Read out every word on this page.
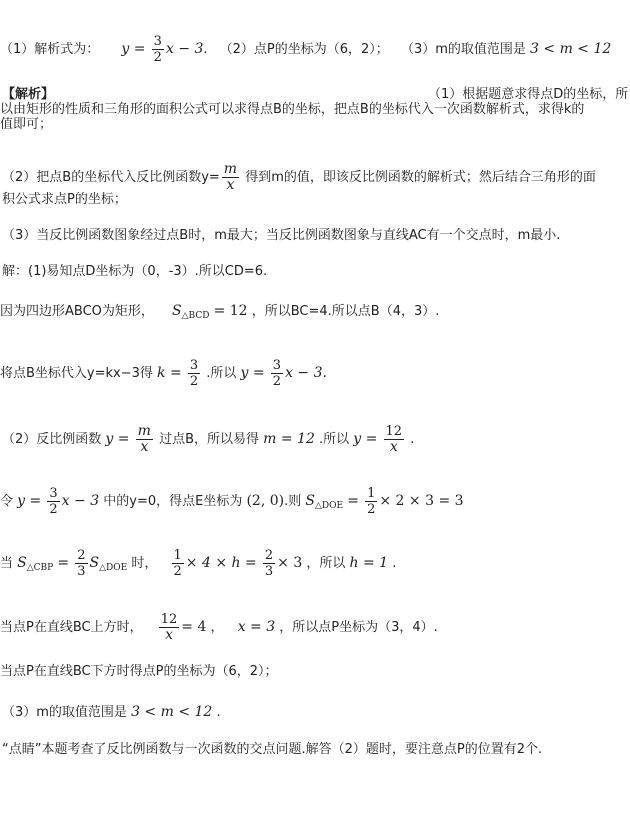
（1）解析式为： $y = \frac{3}{2}$ x − 3. （2）点P的坐标为（6，2）； （3）m的取值范围是 3 < m < 12
【解析】	（1）根据题意求得点D的坐标，所
以由矩形的性质和三角形的面积公式可以求得点B的坐标，把点B的坐标代入一次函数解析式，求得k的
值即可；
（2）把点B的坐标代入反比例函数$y= \frac{m}{x}$ 得到m的值，即该反比例函数的解析式；然后结合三角形的面
积公式求点P的坐标；
（3）当反比例函数图象经过点B时，m最大；当反比例函数图象与直线AC有一个交点时，m最小.
解：(1)易知点D坐标为（0，-3）.所以CD=6.
因为四边形ABCO为矩形， $S_{\triangle BCD} = 12$ ，所以BC=4.所以点B（4，3）.
将点B坐标代入y=kx−3得 $k = \frac{3}{2}$ .所以 $y = \frac{3}{2}$ x − 3.
（2）反比例函数 $y = \frac{m}{x}$ 过点B，所以易得 m = 12 .所以 $y = \frac{12}{x}$ .
令 $y = \frac{3}{2}$ x − 3 中的y=0，得点E坐标为 (2, 0).则 $S_{\triangle DOE} = \frac{1}{2} \times 2 \times 3 = 3$
当 $S_{\triangle CBP} = \frac{2}{3} S_{\triangle DOE}$ 时， $\frac{1}{2} \times 4 \times h = \frac{2}{3} \times 3$ ，所以 h = 1 .
当点P在直线BC上方时， $\frac{12}{x} = 4$ ， x = 3 ，所以点P坐标为（3，4）.
当点P在直线BC下方时得点P的坐标为（6，2）；
（3）m的取值范围是 3 < m < 12 .
“点睛”本题考查了反比例函数与一次函数的交点问题.解答（2）题时，要注意点P的位置有2个.
